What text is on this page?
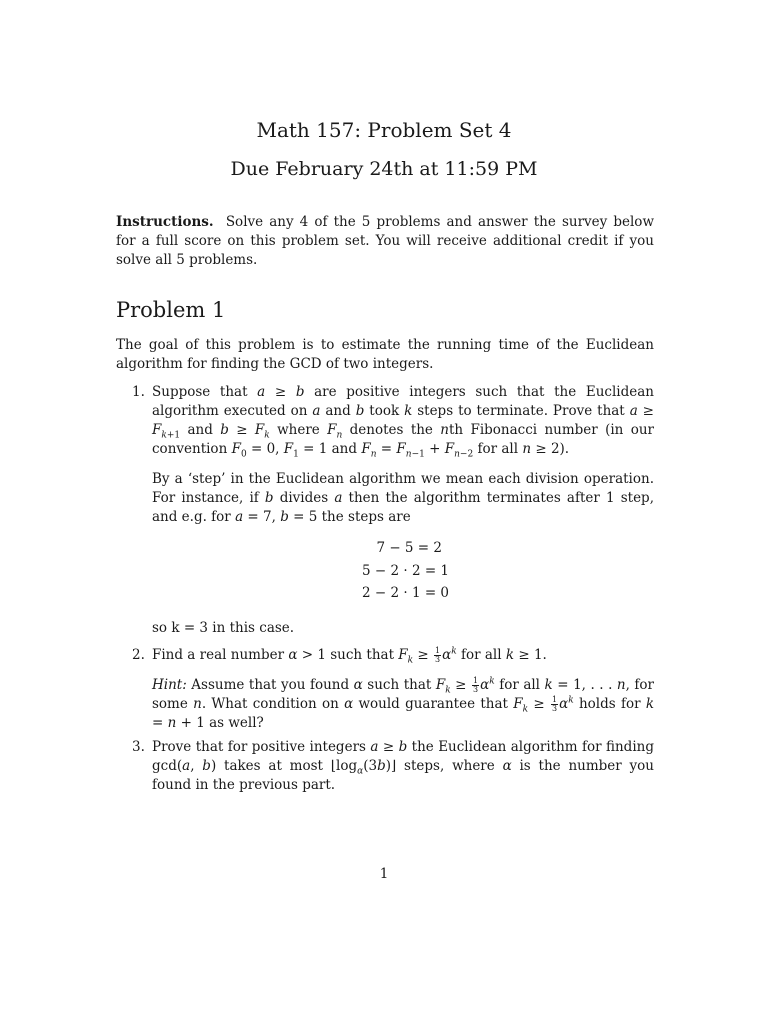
Math 157: Problem Set 4
Due February 24th at 11:59 PM
Instructions. Solve any 4 of the 5 problems and answer the survey below for a full score on this problem set. You will receive additional credit if you solve all 5 problems.
Problem 1
The goal of this problem is to estimate the running time of the Euclidean algorithm for finding the GCD of two integers.
1. Suppose that a ≥ b are positive integers such that the Euclidean algorithm executed on a and b took k steps to terminate. Prove that $a \ge F_{k+1}$ and $b \ge F_k$ where $F_n$ denotes the nth Fibonacci number (in our convention $F_0 = 0$, $F_1 = 1$ and $F_n = F_{n-1} + F_{n-2}$ for all n ≥ 2).

By a ‘step’ in the Euclidean algorithm we mean each division operation. For instance, if b divides a then the algorithm terminates after 1 step, and e.g. for a = 7, b = 5 the steps are

7 − 5 = 2
5 − 2 · 2 = 1
2 − 2 · 1 = 0
so k = 3 in this case.
2. Find a real number α > 1 such that $F_k \ge \frac{1}{3} \alpha^k$ for all k ≥ 1.

Hint: Assume that you found α such that $F_k \ge \frac{1}{3} \alpha^k$ for all k = 1, . . . n, for some n. What condition on α would guarantee that $F_k \ge \frac{1}{3} \alpha^k$ holds for k = n + 1 as well?

3. Prove that for positive integers a ≥ b the Euclidean algorithm for finding gcd(a, b) takes at most $⌊\log_\alpha(3b)⌋$ steps, where α is the number you found in the previous part.

1
